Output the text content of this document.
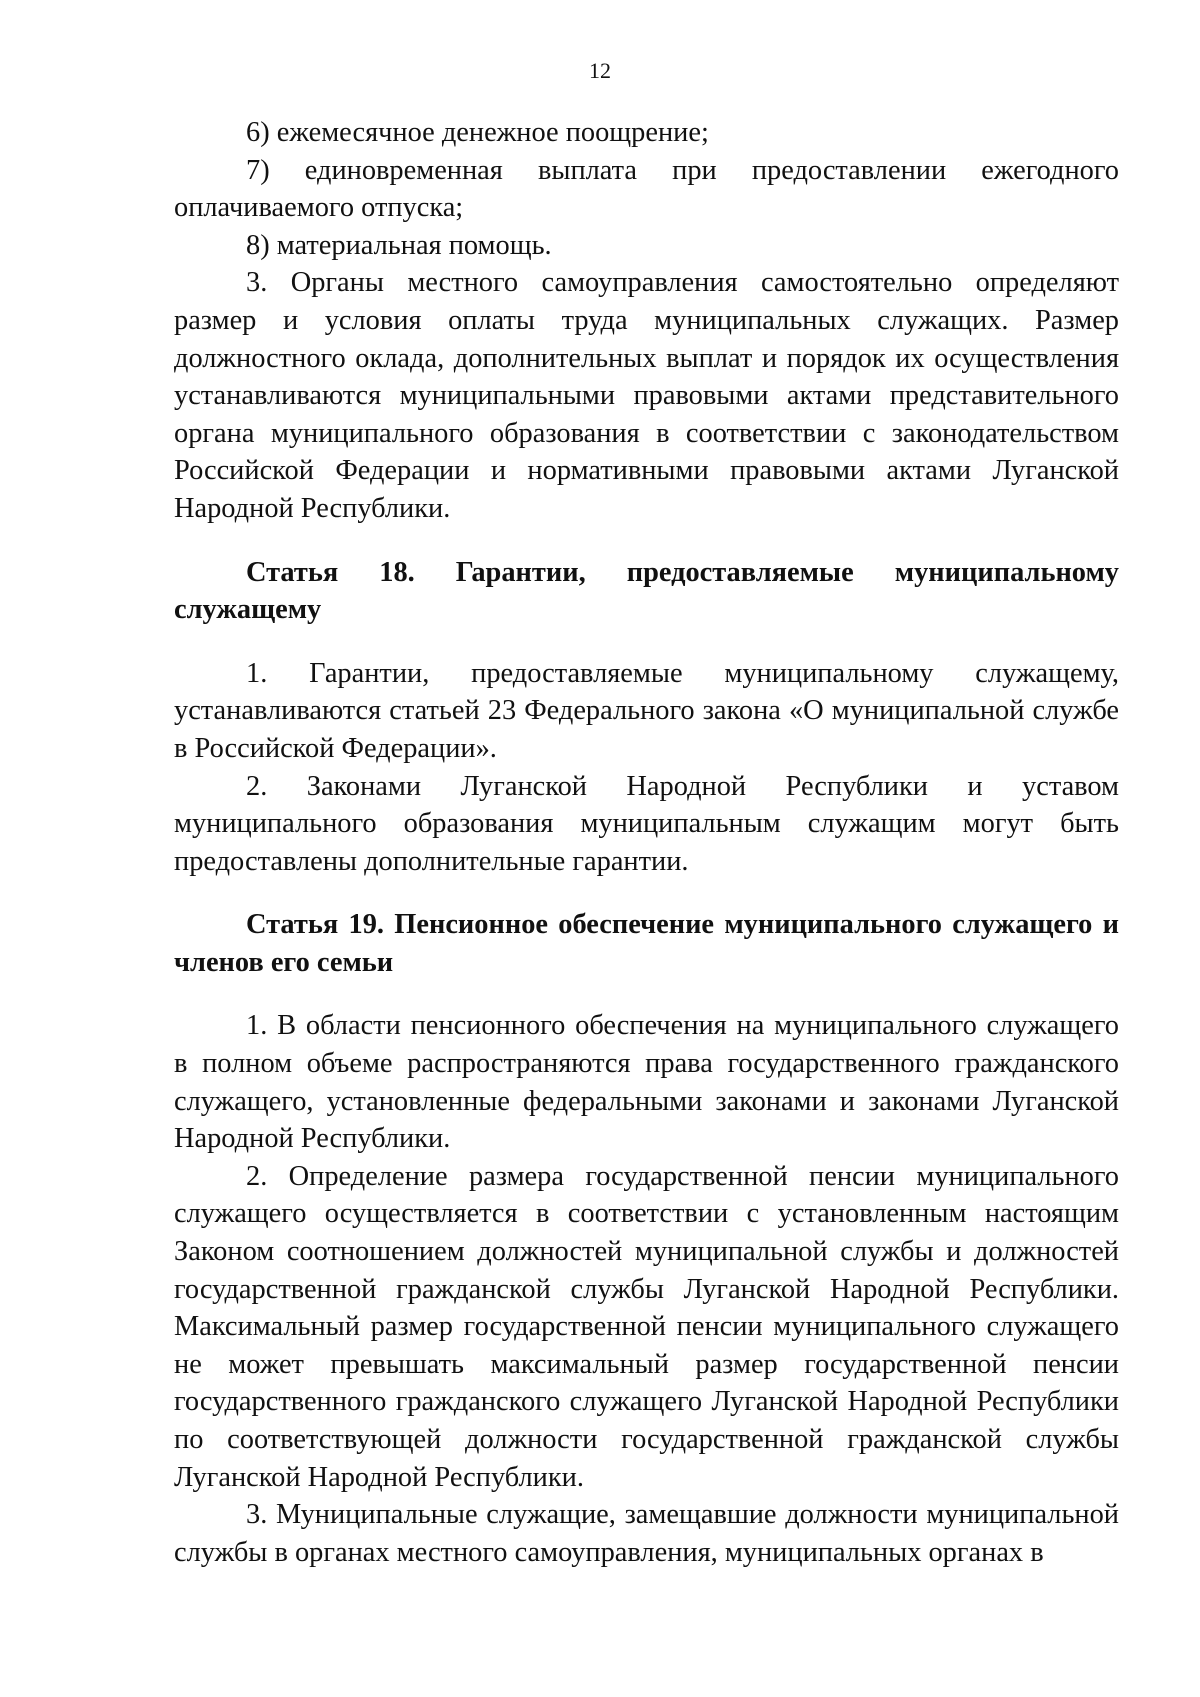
12

6) ежемесячное денежное поощрение;

7) единовременная выплата при предоставлении ежегодного оплачиваемого отпуска;

8) материальная помощь.

3. Органы местного самоуправления самостоятельно определяют размер и условия оплаты труда муниципальных служащих. Размер должностного оклада, дополнительных выплат и порядок их осуществления устанавливаются муниципальными правовыми актами представительного органа муниципального образования в соответствии с законодательством Российской Федерации и нормативными правовыми актами Луганской Народной Республики.

Статья 18. Гарантии, предоставляемые муниципальному служащему

1. Гарантии, предоставляемые муниципальному служащему, устанавливаются статьей 23 Федерального закона «О муниципальной службе в Российской Федерации».

2. Законами Луганской Народной Республики и уставом муниципального образования муниципальным служащим могут быть предоставлены дополнительные гарантии.

Статья 19. Пенсионное обеспечение муниципального служащего и членов его семьи

1. В области пенсионного обеспечения на муниципального служащего в полном объеме распространяются права государственного гражданского служащего, установленные федеральными законами и законами Луганской Народной Республики.

2. Определение размера государственной пенсии муниципального служащего осуществляется в соответствии с установленным настоящим Законом соотношением должностей муниципальной службы и должностей государственной гражданской службы Луганской Народной Республики. Максимальный размер государственной пенсии муниципального служащего не может превышать максимальный размер государственной пенсии государственного гражданского служащего Луганской Народной Республики по соответствующей должности государственной гражданской службы Луганской Народной Республики.

3. Муниципальные служащие, замещавшие должности муниципальной службы в органах местного самоуправления, муниципальных органах в
